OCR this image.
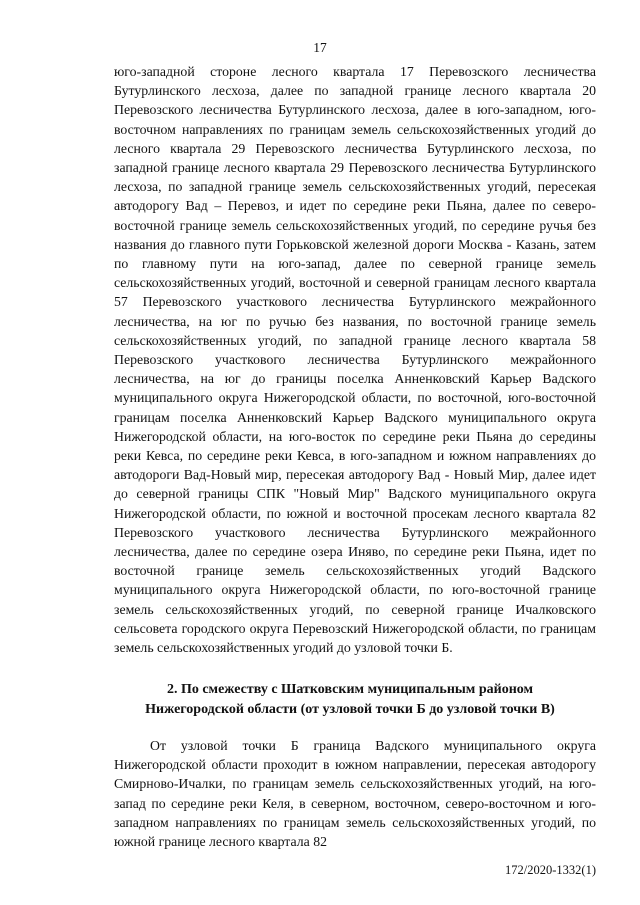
17

юго-западной стороне лесного квартала 17 Перевозского лесничества Бутурлинского лесхоза, далее по западной границе лесного квартала 20 Перевозского лесничества Бутурлинского лесхоза, далее в юго-западном, юго-восточном направлениях по границам земель сельскохозяйственных угодий до лесного квартала 29 Перевозского лесничества Бутурлинского лесхоза, по западной границе лесного квартала 29 Перевозского лесничества Бутурлинского лесхоза, по западной границе земель сельскохозяйственных угодий, пересекая автодорогу Вад – Перевоз, и идет по середине реки Пьяна, далее по северо-восточной границе земель сельскохозяйственных угодий, по середине ручья без названия до главного пути Горьковской железной дороги Москва - Казань, затем по главному пути на юго-запад, далее по северной границе земель сельскохозяйственных угодий, восточной и северной границам лесного квартала 57 Перевозского участкового лесничества Бутурлинского межрайонного лесничества, на юг по ручью без названия, по восточной границе земель сельскохозяйственных угодий, по западной границе лесного квартала 58 Перевозского участкового лесничества Бутурлинского межрайонного лесничества, на юг до границы поселка Анненковский Карьер Вадского муниципального округа Нижегородской области, по восточной, юго-восточной границам поселка Анненковский Карьер Вадского муниципального округа Нижегородской области, на юго-восток по середине реки Пьяна до середины реки Кевса, по середине реки Кевса, в юго-западном и южном направлениях до автодороги Вад-Новый мир, пересекая автодорогу Вад - Новый Мир, далее идет до северной границы СПК "Новый Мир" Вадского муниципального округа Нижегородской области, по южной и восточной просекам лесного квартала 82 Перевозского участкового лесничества Бутурлинского межрайонного лесничества, далее по середине озера Инявo, по середине реки Пьяна, идет по восточной границе земель сельскохозяйственных угодий Вадского муниципального округа Нижегородской области, по юго-восточной границе земель сельскохозяйственных угодий, по северной границе Ичалковского сельсовета городского округа Перевозский Нижегородской области, по границам земель сельскохозяйственных угодий до узловой точки Б.

2. По смежеству с Шатковским муниципальным районом
Нижегородской области (от узловой точки Б до узловой точки В)

От узловой точки Б граница Вадского муниципального округа Нижегородской области проходит в южном направлении, пересекая автодорогу Смирново-Ичалки, по границам земель сельскохозяйственных угодий, на юго-запад по середине реки Келя, в северном, восточном, северо-восточном и юго-западном направлениях по границам земель сельскохозяйственных угодий, по южной границе лесного квартала 82

172/2020-1332(1)
